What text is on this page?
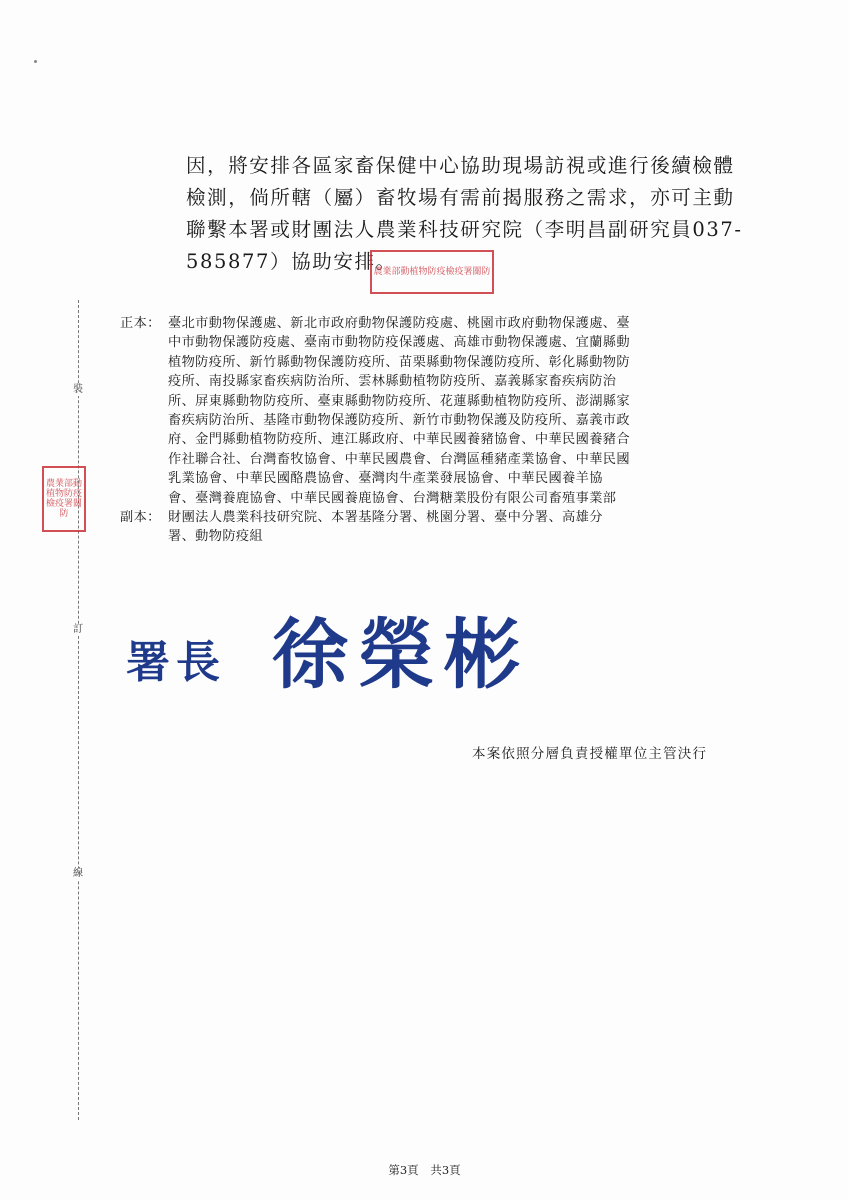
裝
訂
線
因，將安排各區家畜保健中心協助現場訪視或進行後續檢體
檢測，倘所轄（屬）畜牧場有需前揭服務之需求，亦可主動
聯繫本署或財團法人農業科技研究院（李明昌副研究員037-
585877）協助安排。
農業部動植物防疫檢疫署關防
農業部動植物防疫檢疫署關防
正本： 臺北市動物保護處、新北市政府動物保護防疫處、桃園市政府動物保護處、臺
中市動物保護防疫處、臺南市動物防疫保護處、高雄市動物保護處、宜蘭縣動
植物防疫所、新竹縣動物保護防疫所、苗栗縣動物保護防疫所、彰化縣動物防
疫所、南投縣家畜疾病防治所、雲林縣動植物防疫所、嘉義縣家畜疾病防治
所、屏東縣動物防疫所、臺東縣動物防疫所、花蓮縣動植物防疫所、澎湖縣家
畜疾病防治所、基隆市動物保護防疫所、新竹市動物保護及防疫所、嘉義市政
府、金門縣動植物防疫所、連江縣政府、中華民國養豬協會、中華民國養豬合
作社聯合社、台灣畜牧協會、中華民國農會、台灣區種豬產業協會、中華民國
乳業協會、中華民國酪農協會、臺灣肉牛產業發展協會、中華民國養羊協
會、臺灣養鹿協會、中華民國養鹿協會、台灣糖業股份有限公司畜殖事業部
副本： 財團法人農業科技研究院、本署基隆分署、桃園分署、臺中分署、高雄分
署、動物防疫組
署長 徐榮彬
本案依照分層負責授權單位主管決行
第3頁 共3頁
